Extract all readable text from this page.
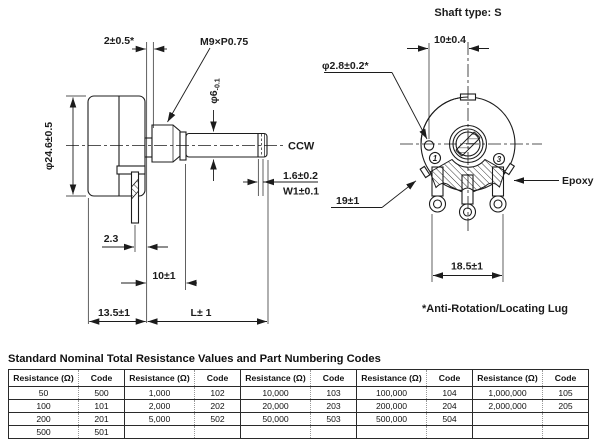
φ24.6±0.5
2±0.5*	M9×P0.75
$\varphi 6_{-0.1}$
CCW
1.6±0.2
W1±0.1
2.3
10±1
13.5±1	L± 1
Shaft type: S
1	3
10±0.4
φ2.8±0.2*
19±1
Epoxy
18.5±1
*Anti-Rotation/Locating Lug
Standard Nominal Total Resistance Values and Part Numbering Codes
Resistance (Ω)	Code	Resistance (Ω)	Code	Resistance (Ω)	Code	Resistance (Ω)	Code	Resistance (Ω)	Code
50	500	1,000	102	10,000	103	100,000	104	1,000,000	105
100	101	2,000	202	20,000	203	200,000	204	2,000,000	205
200	201	5,000	502	50,000	503	500,000	504		
500	501								
